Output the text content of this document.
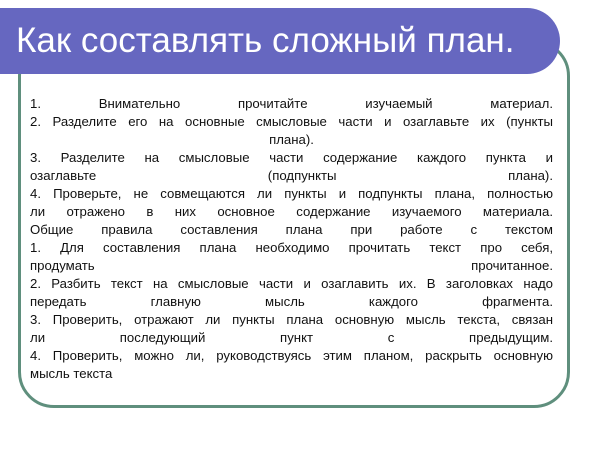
Как составлять сложный план.
1. Внимательно прочитайте изучаемый материал.
2. Разделите его на основные смысловые части и озаглавьте их (пункты
плана).
3. Разделите на смысловые части содержание каждого пункта и
озаглавьте (подпункты плана).
4. Проверьте, не совмещаются ли пункты и подпункты плана, полностью
ли отражено в них основное содержание изучаемого материала.
Общие правила составления плана при работе с текстом
1. Для составления плана необходимо прочитать текст про себя,
продумать прочитанное.
2. Разбить текст на смысловые части и озаглавить их. В заголовках надо
передать главную мысль каждого фрагмента.
3. Проверить, отражают ли пункты плана основную мысль текста, связан
ли последующий пункт с предыдущим.
4. Проверить, можно ли, руководствуясь этим планом, раскрыть основную
мысль текста
